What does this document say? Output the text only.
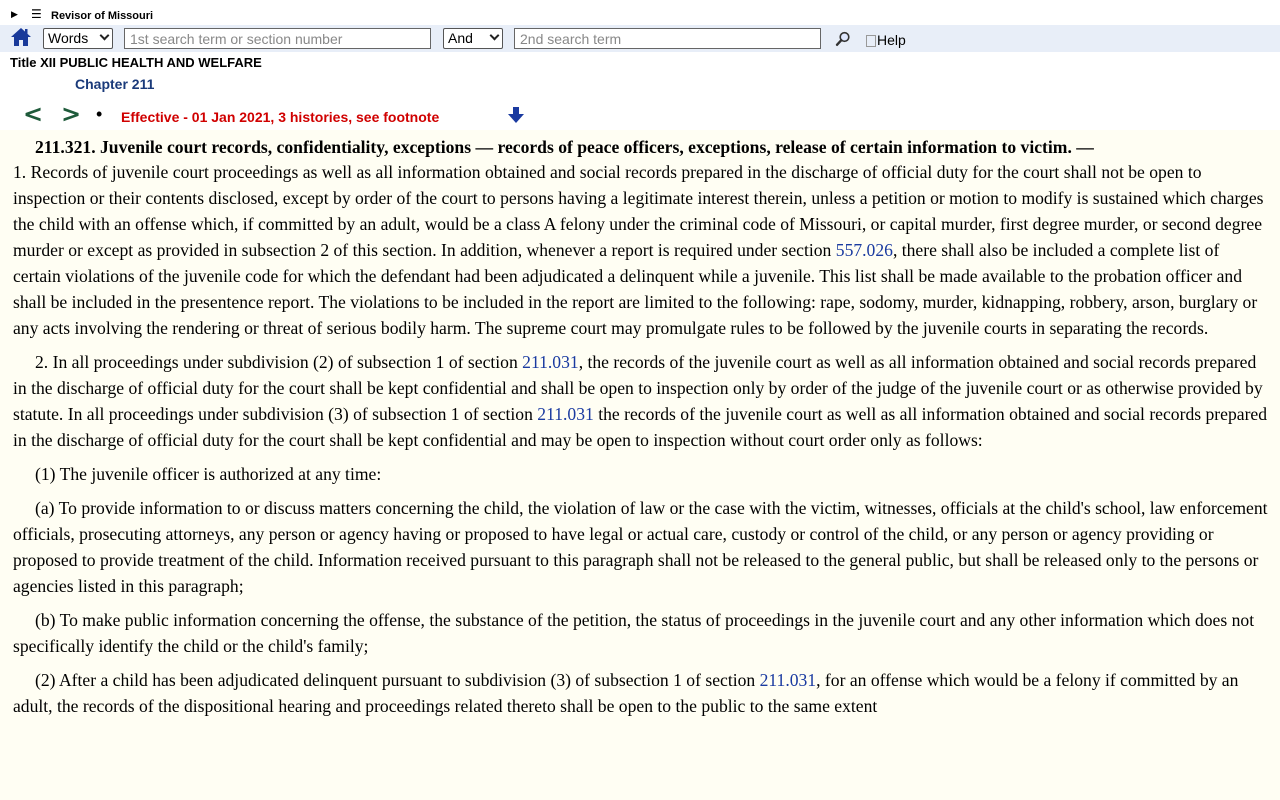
▶ ☰ Revisor of Missouri
Words
1st search term or section number	And
2nd search term	Help
Title XII PUBLIC HEALTH AND WELFARE
Chapter 211
< > • Effective - 01 Jan 2021, 3 histories, see footnote
211.321. Juvenile court records, confidentiality, exceptions — records of peace officers, exceptions, release of certain information to victim. —
1. Records of juvenile court proceedings as well as all information obtained and social records prepared in the discharge of official duty for the court shall not be open to inspection or their contents disclosed, except by order of the court to persons having a legitimate interest therein, unless a petition or motion to modify is sustained which charges the child with an offense which, if committed by an adult, would be a class A felony under the criminal code of Missouri, or capital murder, first degree murder, or second degree murder or except as provided in subsection 2 of this section. In addition, whenever a report is required under section 557.026, there shall also be included a complete list of certain violations of the juvenile code for which the defendant had been adjudicated a delinquent while a juvenile. This list shall be made available to the probation officer and shall be included in the presentence report. The violations to be included in the report are limited to the following: rape, sodomy, murder, kidnapping, robbery, arson, burglary or any acts involving the rendering or threat of serious bodily harm. The supreme court may promulgate rules to be followed by the juvenile courts in separating the records.
2. In all proceedings under subdivision (2) of subsection 1 of section 211.031, the records of the juvenile court as well as all information obtained and social records prepared in the discharge of official duty for the court shall be kept confidential and shall be open to inspection only by order of the judge of the juvenile court or as otherwise provided by statute. In all proceedings under subdivision (3) of subsection 1 of section 211.031 the records of the juvenile court as well as all information obtained and social records prepared in the discharge of official duty for the court shall be kept confidential and may be open to inspection without court order only as follows:
(1) The juvenile officer is authorized at any time:
(a) To provide information to or discuss matters concerning the child, the violation of law or the case with the victim, witnesses, officials at the child's school, law enforcement officials, prosecuting attorneys, any person or agency having or proposed to have legal or actual care, custody or control of the child, or any person or agency providing or proposed to provide treatment of the child. Information received pursuant to this paragraph shall not be released to the general public, but shall be released only to the persons or agencies listed in this paragraph;
(b) To make public information concerning the offense, the substance of the petition, the status of proceedings in the juvenile court and any other information which does not specifically identify the child or the child's family;
(2) After a child has been adjudicated delinquent pursuant to subdivision (3) of subsection 1 of section 211.031, for an offense which would be a felony if committed by an adult, the records of the dispositional hearing and proceedings related thereto shall be open to the public to the same extent
